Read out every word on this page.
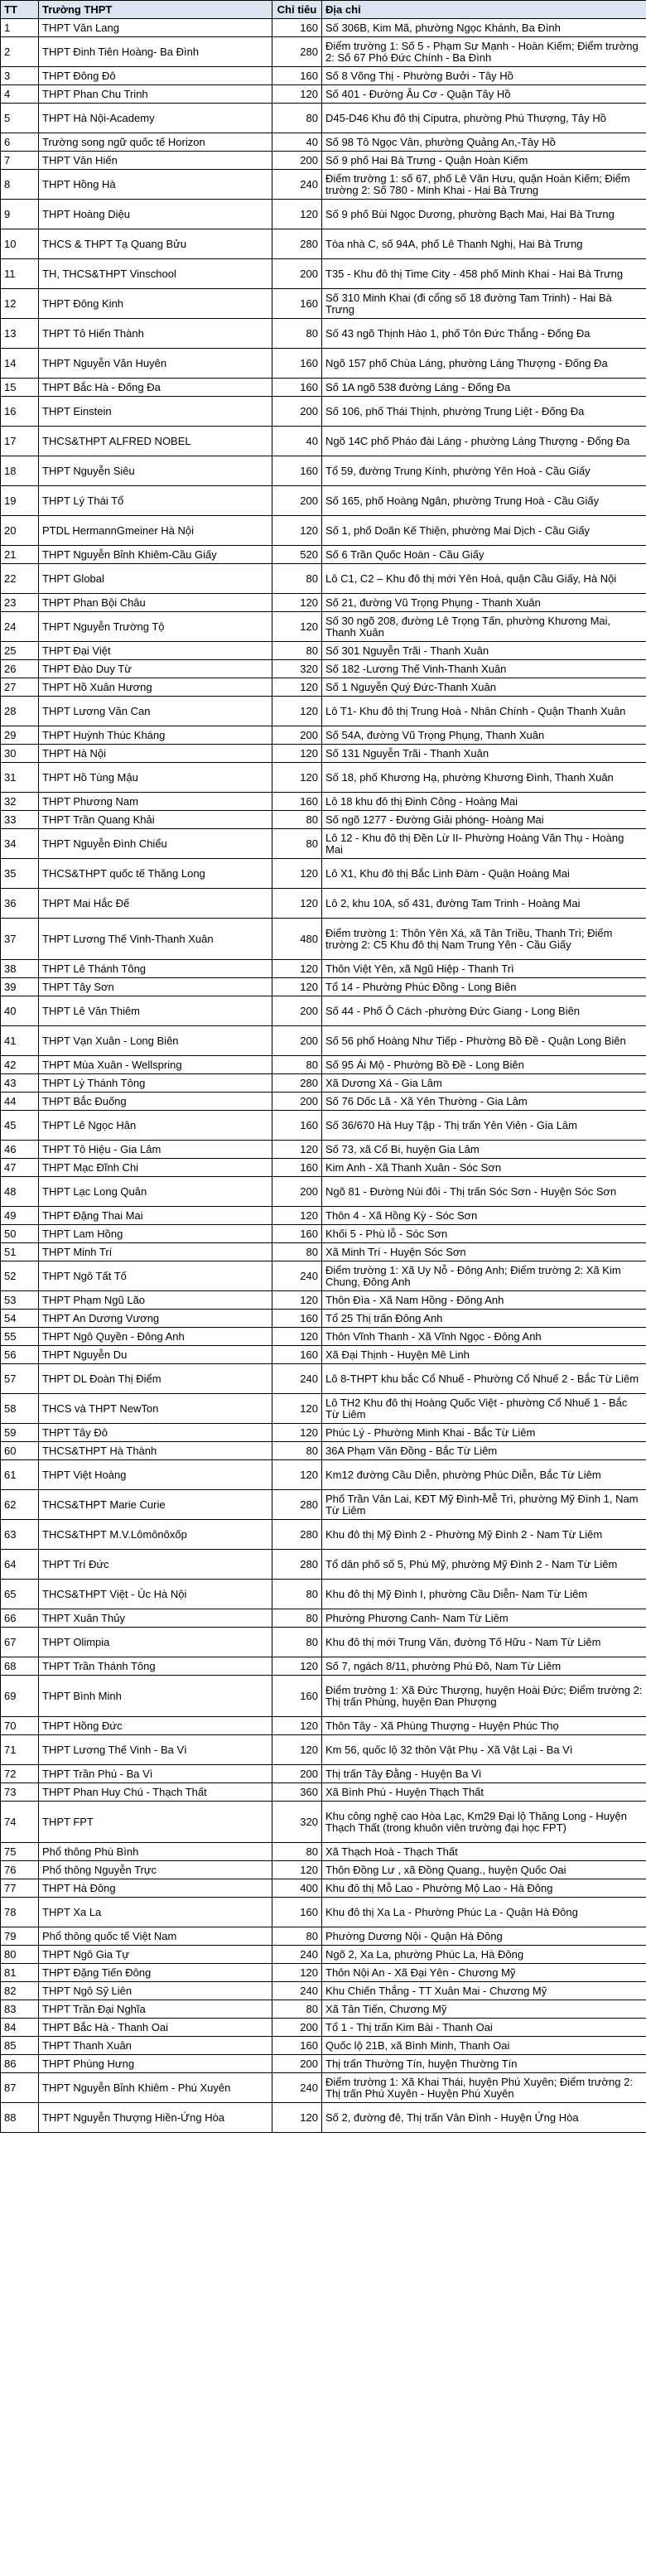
TT	Trường THPT	Chỉ tiêu	Địa chỉ
1	THPT Văn Lang	160	Số 306B, Kim Mã, phường Ngọc Khánh, Ba Đình
2	THPT Đinh Tiên Hoàng- Ba Đình	280	Điểm trường 1: Số 5 - Phạm Sư Mạnh - Hoàn Kiếm; Điểm trường 2: Số 67 Phó Đức Chính - Ba Đình
3	THPT Đông Đô	160	Số 8 Võng Thị - Phường Bưởi - Tây Hồ
4	THPT Phan Chu Trinh	120	Số 401 - Đường Âu Cơ - Quận Tây Hồ
5	THPT Hà Nội-Academy	80	D45-D46 Khu đô thị Ciputra, phường Phú Thượng, Tây Hồ
6	Trường song ngữ quốc tế Horizon	40	Số 98 Tô Ngọc Vân, phường Quảng An,-Tây Hồ
7	THPT Văn Hiến	200	Số 9 phố Hai Bà Trưng - Quận Hoàn Kiếm
8	THPT Hồng Hà	240	Điểm trường 1: số 67, phố Lê Văn Hưu, quận Hoàn Kiếm; Điểm trường 2: Số 780 - Minh Khai - Hai Bà Trưng
9	THPT Hoàng Diệu	120	Số 9 phố Bùi Ngọc Dương, phường Bạch Mai, Hai Bà Trưng
10	THCS & THPT Tạ Quang Bửu	280	Tòa nhà C, số 94A, phố Lê Thanh Nghị, Hai Bà Trưng
11	TH, THCS&THPT Vinschool	200	T35 - Khu đô thị Time City - 458 phố Minh Khai - Hai Bà Trưng
12	THPT Đông Kinh	160	Số 310 Minh Khai (đi cổng số 18 đường Tam Trinh) - Hai Bà Trưng
13	THPT Tô Hiến Thành	80	Số 43 ngõ Thịnh Hào 1, phố Tôn Đức Thắng - Đống Đa
14	THPT Nguyễn Văn Huyên	160	Ngõ 157 phố Chùa Láng, phường Láng Thượng - Đống Đa
15	THPT Bắc Hà - Đống Đa	160	Số 1A ngõ 538 đường Láng - Đống Đa
16	THPT Einstein	200	Số 106, phố Thái Thịnh, phường Trung Liệt - Đống Đa
17	THCS&THPT ALFRED NOBEL	40	Ngõ 14C phố Pháo đài Láng - phường Láng Thượng - Đống Đa
18	THPT Nguyễn Siêu	160	Tổ 59, đường Trung Kính, phường Yên Hoà - Cầu Giấy
19	THPT Lý Thái Tổ	200	Số 165, phố Hoàng Ngân, phường Trung Hoà - Cầu Giấy
20	PTDL HermannGmeiner Hà Nội	120	Số 1, phố Doãn Kế Thiện, phường Mai Dịch - Cầu Giấy
21	THPT Nguyễn Bỉnh Khiêm-Cầu Giấy	520	Số 6 Trần Quốc Hoàn - Cầu Giấy
22	THPT Global	80	Lô C1, C2 – Khu đô thị mới Yên Hoà, quận Cầu Giấy, Hà Nội
23	THPT Phan Bội Châu	120	Số 21, đường Vũ Trọng Phụng - Thanh Xuân
24	THPT Nguyễn Trường Tộ	120	Số 30 ngõ 208, đường Lê Trọng Tấn, phường Khương Mai, Thanh Xuân
25	THPT Đại Việt	80	Số 301 Nguyễn Trãi - Thanh Xuân
26	THPT Đào Duy Từ	320	Số 182 -Lương Thế Vinh-Thanh Xuân
27	THPT Hồ Xuân Hương	120	Số 1 Nguyễn Quý Đức-Thanh Xuân
28	THPT Lương Văn Can	120	Lô T1- Khu đô thị Trung Hoà - Nhân Chính - Quận Thanh Xuân
29	THPT Huỳnh Thúc Kháng	200	Số 54A, đường Vũ Trọng Phụng, Thanh Xuân
30	THPT Hà Nội	120	Số 131 Nguyễn Trãi - Thanh Xuân
31	THPT Hồ Tùng Mậu	120	Số 18, phố Khương Hạ, phường Khương Đình, Thanh Xuân
32	THPT Phương Nam	160	Lô 18 khu đô thị Đinh Công - Hoàng Mai
33	THPT Trần Quang Khải	80	Số ngõ 1277 - Đường Giải phóng- Hoàng Mai
34	THPT Nguyễn Đình Chiểu	80	Lô 12 - Khu đô thị Đền Lừ II- Phường Hoàng Văn Thụ - Hoàng Mai
35	THCS&THPT quốc tế Thăng Long	120	Lô X1, Khu đô thị Bắc Linh Đàm - Quận Hoàng Mai
36	THPT Mai Hắc Đế	120	Lô 2, khu 10A, số 431, đường Tam Trinh - Hoàng Mai
37	THPT Lương Thế Vinh-Thanh Xuân	480	Điểm trường 1: Thôn Yên Xá, xã Tân Triều, Thanh Trì; Điểm trường 2: C5 Khu đô thị Nam Trung Yên - Cầu Giấy
38	THPT Lê Thánh Tông	120	Thôn Việt Yên, xã Ngũ Hiệp - Thanh Trì
39	THPT Tây Sơn	120	Tổ 14 - Phường Phúc Đồng - Long Biên
40	THPT Lê Văn Thiêm	200	Số 44 - Phố Ô Cách -phường Đức Giang - Long Biên
41	THPT Vạn Xuân - Long Biên	200	Số 56 phố Hoàng Như Tiếp - Phường Bồ Đề - Quận Long Biên
42	THPT Mùa Xuân - Wellspring	80	Số 95 Ái Mộ - Phường Bồ Đề - Long Biên
43	THPT Lý Thánh Tông	280	Xã Dương Xá - Gia Lâm
44	THPT Bắc Đuống	200	Số 76 Dốc Lã - Xã Yên Thường - Gia Lâm
45	THPT Lê Ngọc Hân	160	Số 36/670 Hà Huy Tập - Thị trấn Yên Viên - Gia Lâm
46	THPT Tô Hiệu - Gia Lâm	120	Số 73, xã Cổ Bi, huyện Gia Lâm
47	THPT Mạc Đĩnh Chi	160	Kim Anh - Xã Thanh Xuân - Sóc Sơn
48	THPT Lạc Long Quân	200	Ngõ 81 - Đường Núi đôi - Thị trấn Sóc Sơn - Huyện Sóc Sơn
49	THPT Đặng Thai Mai	120	Thôn 4 - Xã Hồng Kỳ - Sóc Sơn
50	THPT Lam Hồng	160	Khối 5 - Phù lỗ - Sóc Sơn
51	THPT Minh Trí	80	Xã Minh Trí - Huyện Sóc Sơn
52	THPT Ngô Tất Tố	240	Điểm trường 1: Xã Uy Nỗ - Đông Anh; Điểm trường 2: Xã Kim Chung, Đông Anh
53	THPT Phạm Ngũ Lão	120	Thôn Đìa - Xã Nam Hồng - Đông Anh
54	THPT An Dương Vương	160	Tổ 25 Thị trấn Đông Anh
55	THPT Ngô Quyền - Đông Anh	120	Thôn Vĩnh Thanh - Xã Vĩnh Ngọc - Đông Anh
56	THPT Nguyễn Du	160	Xã Đại Thịnh - Huyện Mê Linh
57	THPT DL Đoàn Thị Điểm	240	Lô 8-THPT khu bắc Cổ Nhuế - Phường Cổ Nhuế 2 - Bắc Từ Liêm
58	THCS và THPT NewTon	120	Lô TH2 Khu đô thị Hoàng Quốc Việt - phường Cổ Nhuế 1 - Bắc Từ Liêm
59	THPT Tây Đô	120	Phúc Lý - Phường Minh Khai - Bắc Từ Liêm
60	THCS&THPT Hà Thành	80	36A Phạm Văn Đồng - Bắc Từ Liêm
61	THPT Việt Hoàng	120	Km12 đường Cầu Diễn, phường Phúc Diễn, Bắc Từ Liêm
62	THCS&THPT Marie Curie	280	Phố Trần Văn Lai, KĐT Mỹ Đình-Mễ Trì, phường Mỹ Đình 1, Nam Từ Liêm
63	THCS&THPT M.V.Lômônôxốp	280	Khu đô thị Mỹ Đình 2 - Phường Mỹ Đình 2 - Nam Từ Liêm
64	THPT Trí Đức	280	Tổ dân phố số 5, Phú Mỹ, phường Mỹ Đình 2 - Nam Từ Liêm
65	THCS&THPT Việt - Úc Hà Nội	80	Khu đô thị Mỹ Đình I, phường Cầu Diễn- Nam Từ Liêm
66	THPT Xuân Thủy	80	Phường Phương Canh- Nam Từ Liêm
67	THPT Olimpia	80	Khu đô thị mới Trung Văn, đường Tố Hữu - Nam Từ Liêm
68	THPT Trần Thánh Tông	120	Số 7, ngách 8/11, phường Phú Đô, Nam Từ Liêm
69	THPT Bình Minh	160	Điểm trường 1: Xã Đức Thượng, huyện Hoài Đức; Điểm trường 2: Thị trấn Phùng, huyện Đan Phượng
70	THPT Hồng Đức	120	Thôn Tây - Xã Phùng Thượng - Huyện Phúc Thọ
71	THPT Lương Thế Vinh - Ba Vì	120	Km 56, quốc lộ 32 thôn Vật Phụ - Xã Vật Lại - Ba Vì
72	THPT Trần Phú - Ba Vì	200	Thị trấn Tây Đằng - Huyện Ba Vì
73	THPT Phan Huy Chú - Thạch Thất	360	Xã Bình Phú - Huyện Thạch Thất
74	THPT FPT	320	Khu công nghệ cao Hòa Lạc, Km29 Đại lộ Thăng Long - Huyện Thạch Thất (trong khuôn viên trường đại học FPT)
75	Phổ thông Phù Bình	80	Xã Thạch Hoà - Thạch Thất
76	Phổ thông Nguyễn Trực	120	Thôn Đồng Lư , xã Đồng Quang., huyện Quốc Oai
77	THPT Hà Đông	400	Khu đô thị Mỗ Lao - Phường Mộ Lao - Hà Đông
78	THPT Xa La	160	Khu đô thị Xa La - Phường Phúc La - Quận Hà Đông
79	Phổ thông quốc tế Việt Nam	80	Phường Dương Nội - Quận Hà Đông
80	THPT Ngô Gia Tự	240	Ngõ 2, Xa La, phường Phúc La, Hà Đông
81	THPT Đặng Tiến Đông	120	Thôn Nội An - Xã Đại Yên - Chương Mỹ
82	THPT Ngô Sỹ Liên	240	Khu Chiến Thắng - TT Xuân Mai - Chương Mỹ
83	THPT Trần Đại Nghĩa	80	Xã Tân Tiến, Chương Mỹ
84	THPT Bắc Hà - Thanh Oai	200	Tổ 1 - Thị trấn Kim Bài - Thanh Oai
85	THPT Thanh Xuân	160	Quốc lộ 21B, xã Bình Minh, Thanh Oai
86	THPT Phùng Hưng	200	Thị trấn Thường Tín, huyện Thường Tín
87	THPT Nguyễn Bỉnh Khiêm - Phú Xuyên	240	Điểm trường 1: Xã Khai Thái, huyện Phú Xuyên; Điểm trường 2: Thị trấn Phú Xuyên - Huyện Phú Xuyên
88	THPT Nguyễn Thượng Hiền-Ứng Hòa	120	Số 2, đường đê, Thị trấn Vân Đình - Huyện Ứng Hòa
